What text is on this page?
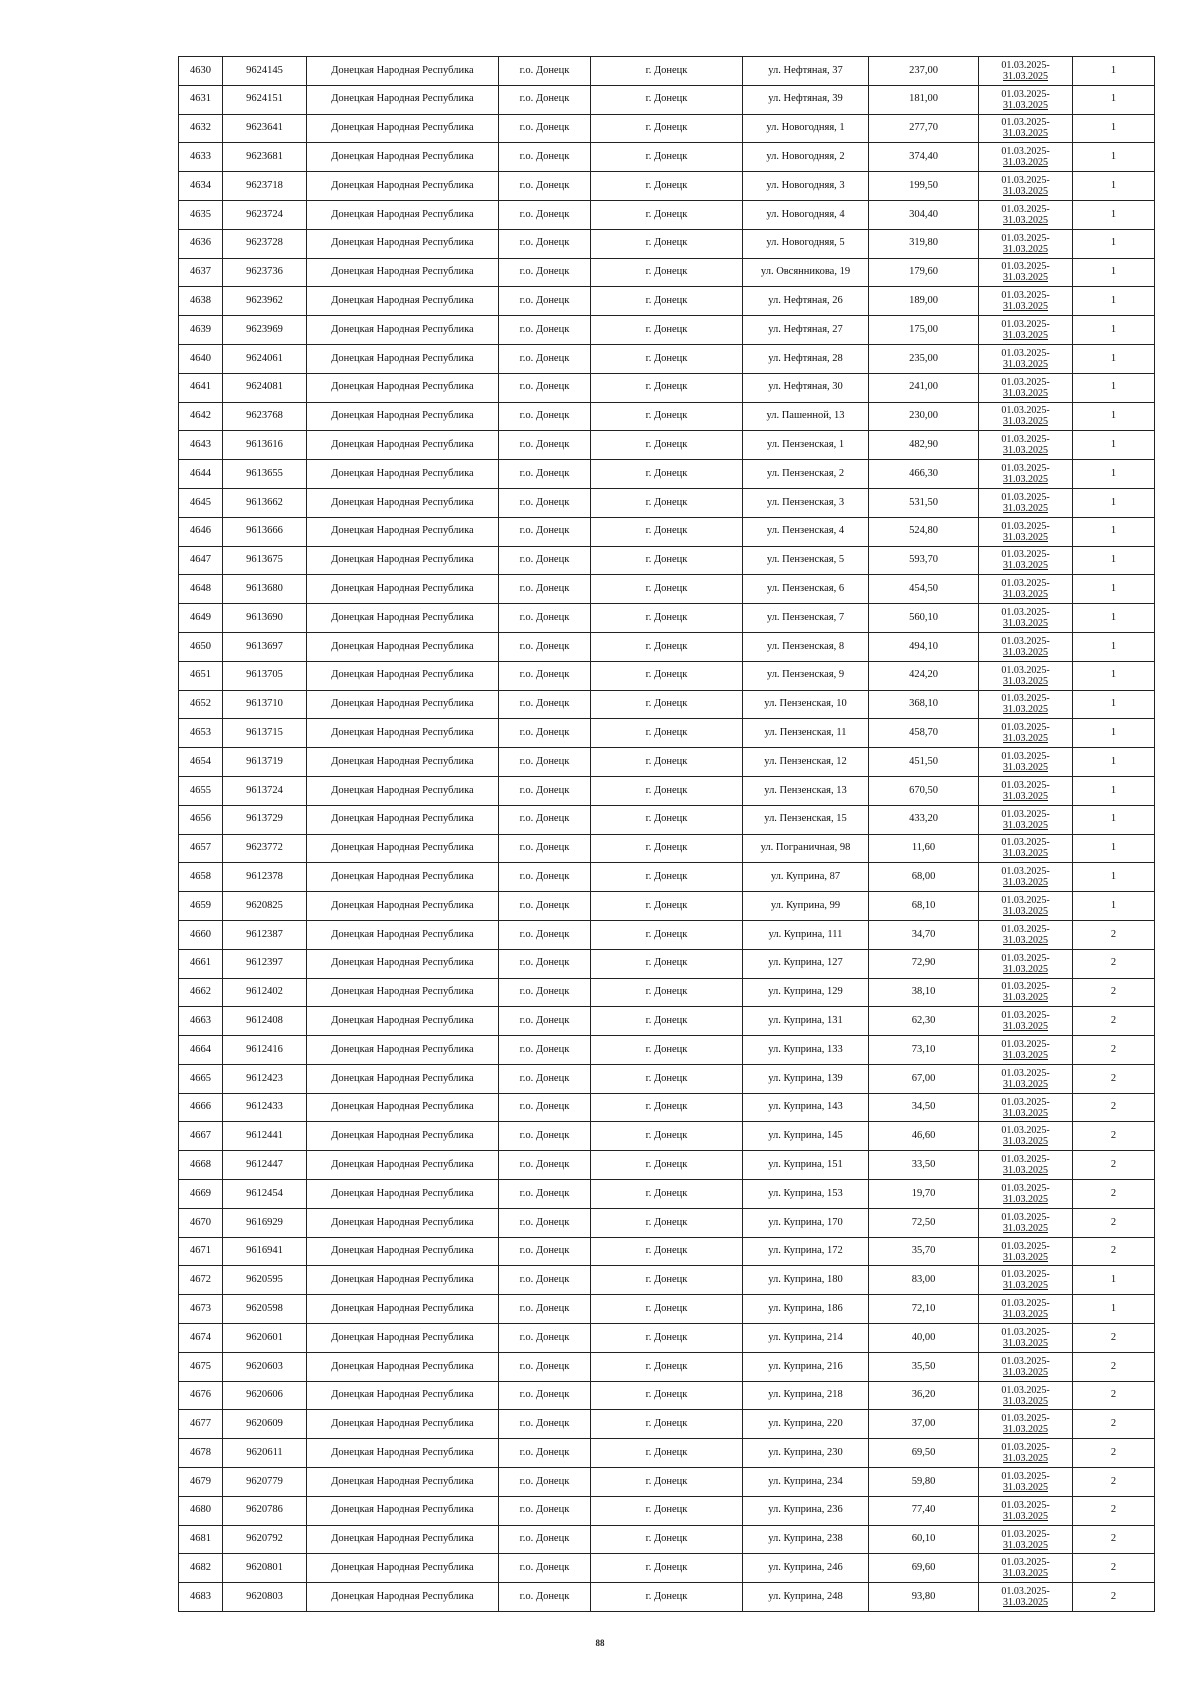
4630	9624145	Донецкая Народная Республика	г.о. Донецк	г. Донецк	ул. Нефтяная, 37	237,00	01.03.2025-
31.03.2025	1
4631	9624151	Донецкая Народная Республика	г.о. Донецк	г. Донецк	ул. Нефтяная, 39	181,00	01.03.2025-
31.03.2025	1
4632	9623641	Донецкая Народная Республика	г.о. Донецк	г. Донецк	ул. Новогодняя, 1	277,70	01.03.2025-
31.03.2025	1
4633	9623681	Донецкая Народная Республика	г.о. Донецк	г. Донецк	ул. Новогодняя, 2	374,40	01.03.2025-
31.03.2025	1
4634	9623718	Донецкая Народная Республика	г.о. Донецк	г. Донецк	ул. Новогодняя, 3	199,50	01.03.2025-
31.03.2025	1
4635	9623724	Донецкая Народная Республика	г.о. Донецк	г. Донецк	ул. Новогодняя, 4	304,40	01.03.2025-
31.03.2025	1
4636	9623728	Донецкая Народная Республика	г.о. Донецк	г. Донецк	ул. Новогодняя, 5	319,80	01.03.2025-
31.03.2025	1
4637	9623736	Донецкая Народная Республика	г.о. Донецк	г. Донецк	ул. Овсянникова, 19	179,60	01.03.2025-
31.03.2025	1
4638	9623962	Донецкая Народная Республика	г.о. Донецк	г. Донецк	ул. Нефтяная, 26	189,00	01.03.2025-
31.03.2025	1
4639	9623969	Донецкая Народная Республика	г.о. Донецк	г. Донецк	ул. Нефтяная, 27	175,00	01.03.2025-
31.03.2025	1
4640	9624061	Донецкая Народная Республика	г.о. Донецк	г. Донецк	ул. Нефтяная, 28	235,00	01.03.2025-
31.03.2025	1
4641	9624081	Донецкая Народная Республика	г.о. Донецк	г. Донецк	ул. Нефтяная, 30	241,00	01.03.2025-
31.03.2025	1
4642	9623768	Донецкая Народная Республика	г.о. Донецк	г. Донецк	ул. Пашенной, 13	230,00	01.03.2025-
31.03.2025	1
4643	9613616	Донецкая Народная Республика	г.о. Донецк	г. Донецк	ул. Пензенская, 1	482,90	01.03.2025-
31.03.2025	1
4644	9613655	Донецкая Народная Республика	г.о. Донецк	г. Донецк	ул. Пензенская, 2	466,30	01.03.2025-
31.03.2025	1
4645	9613662	Донецкая Народная Республика	г.о. Донецк	г. Донецк	ул. Пензенская, 3	531,50	01.03.2025-
31.03.2025	1
4646	9613666	Донецкая Народная Республика	г.о. Донецк	г. Донецк	ул. Пензенская, 4	524,80	01.03.2025-
31.03.2025	1
4647	9613675	Донецкая Народная Республика	г.о. Донецк	г. Донецк	ул. Пензенская, 5	593,70	01.03.2025-
31.03.2025	1
4648	9613680	Донецкая Народная Республика	г.о. Донецк	г. Донецк	ул. Пензенская, 6	454,50	01.03.2025-
31.03.2025	1
4649	9613690	Донецкая Народная Республика	г.о. Донецк	г. Донецк	ул. Пензенская, 7	560,10	01.03.2025-
31.03.2025	1
4650	9613697	Донецкая Народная Республика	г.о. Донецк	г. Донецк	ул. Пензенская, 8	494,10	01.03.2025-
31.03.2025	1
4651	9613705	Донецкая Народная Республика	г.о. Донецк	г. Донецк	ул. Пензенская, 9	424,20	01.03.2025-
31.03.2025	1
4652	9613710	Донецкая Народная Республика	г.о. Донецк	г. Донецк	ул. Пензенская, 10	368,10	01.03.2025-
31.03.2025	1
4653	9613715	Донецкая Народная Республика	г.о. Донецк	г. Донецк	ул. Пензенская, 11	458,70	01.03.2025-
31.03.2025	1
4654	9613719	Донецкая Народная Республика	г.о. Донецк	г. Донецк	ул. Пензенская, 12	451,50	01.03.2025-
31.03.2025	1
4655	9613724	Донецкая Народная Республика	г.о. Донецк	г. Донецк	ул. Пензенская, 13	670,50	01.03.2025-
31.03.2025	1
4656	9613729	Донецкая Народная Республика	г.о. Донецк	г. Донецк	ул. Пензенская, 15	433,20	01.03.2025-
31.03.2025	1
4657	9623772	Донецкая Народная Республика	г.о. Донецк	г. Донецк	ул. Пограничная, 98	11,60	01.03.2025-
31.03.2025	1
4658	9612378	Донецкая Народная Республика	г.о. Донецк	г. Донецк	ул. Куприна, 87	68,00	01.03.2025-
31.03.2025	1
4659	9620825	Донецкая Народная Республика	г.о. Донецк	г. Донецк	ул. Куприна, 99	68,10	01.03.2025-
31.03.2025	1
4660	9612387	Донецкая Народная Республика	г.о. Донецк	г. Донецк	ул. Куприна, 111	34,70	01.03.2025-
31.03.2025	2
4661	9612397	Донецкая Народная Республика	г.о. Донецк	г. Донецк	ул. Куприна, 127	72,90	01.03.2025-
31.03.2025	2
4662	9612402	Донецкая Народная Республика	г.о. Донецк	г. Донецк	ул. Куприна, 129	38,10	01.03.2025-
31.03.2025	2
4663	9612408	Донецкая Народная Республика	г.о. Донецк	г. Донецк	ул. Куприна, 131	62,30	01.03.2025-
31.03.2025	2
4664	9612416	Донецкая Народная Республика	г.о. Донецк	г. Донецк	ул. Куприна, 133	73,10	01.03.2025-
31.03.2025	2
4665	9612423	Донецкая Народная Республика	г.о. Донецк	г. Донецк	ул. Куприна, 139	67,00	01.03.2025-
31.03.2025	2
4666	9612433	Донецкая Народная Республика	г.о. Донецк	г. Донецк	ул. Куприна, 143	34,50	01.03.2025-
31.03.2025	2
4667	9612441	Донецкая Народная Республика	г.о. Донецк	г. Донецк	ул. Куприна, 145	46,60	01.03.2025-
31.03.2025	2
4668	9612447	Донецкая Народная Республика	г.о. Донецк	г. Донецк	ул. Куприна, 151	33,50	01.03.2025-
31.03.2025	2
4669	9612454	Донецкая Народная Республика	г.о. Донецк	г. Донецк	ул. Куприна, 153	19,70	01.03.2025-
31.03.2025	2
4670	9616929	Донецкая Народная Республика	г.о. Донецк	г. Донецк	ул. Куприна, 170	72,50	01.03.2025-
31.03.2025	2
4671	9616941	Донецкая Народная Республика	г.о. Донецк	г. Донецк	ул. Куприна, 172	35,70	01.03.2025-
31.03.2025	2
4672	9620595	Донецкая Народная Республика	г.о. Донецк	г. Донецк	ул. Куприна, 180	83,00	01.03.2025-
31.03.2025	1
4673	9620598	Донецкая Народная Республика	г.о. Донецк	г. Донецк	ул. Куприна, 186	72,10	01.03.2025-
31.03.2025	1
4674	9620601	Донецкая Народная Республика	г.о. Донецк	г. Донецк	ул. Куприна, 214	40,00	01.03.2025-
31.03.2025	2
4675	9620603	Донецкая Народная Республика	г.о. Донецк	г. Донецк	ул. Куприна, 216	35,50	01.03.2025-
31.03.2025	2
4676	9620606	Донецкая Народная Республика	г.о. Донецк	г. Донецк	ул. Куприна, 218	36,20	01.03.2025-
31.03.2025	2
4677	9620609	Донецкая Народная Республика	г.о. Донецк	г. Донецк	ул. Куприна, 220	37,00	01.03.2025-
31.03.2025	2
4678	9620611	Донецкая Народная Республика	г.о. Донецк	г. Донецк	ул. Куприна, 230	69,50	01.03.2025-
31.03.2025	2
4679	9620779	Донецкая Народная Республика	г.о. Донецк	г. Донецк	ул. Куприна, 234	59,80	01.03.2025-
31.03.2025	2
4680	9620786	Донецкая Народная Республика	г.о. Донецк	г. Донецк	ул. Куприна, 236	77,40	01.03.2025-
31.03.2025	2
4681	9620792	Донецкая Народная Республика	г.о. Донецк	г. Донецк	ул. Куприна, 238	60,10	01.03.2025-
31.03.2025	2
4682	9620801	Донецкая Народная Республика	г.о. Донецк	г. Донецк	ул. Куприна, 246	69,60	01.03.2025-
31.03.2025	2
4683	9620803	Донецкая Народная Республика	г.о. Донецк	г. Донецк	ул. Куприна, 248	93,80	01.03.2025-
31.03.2025	2
88
